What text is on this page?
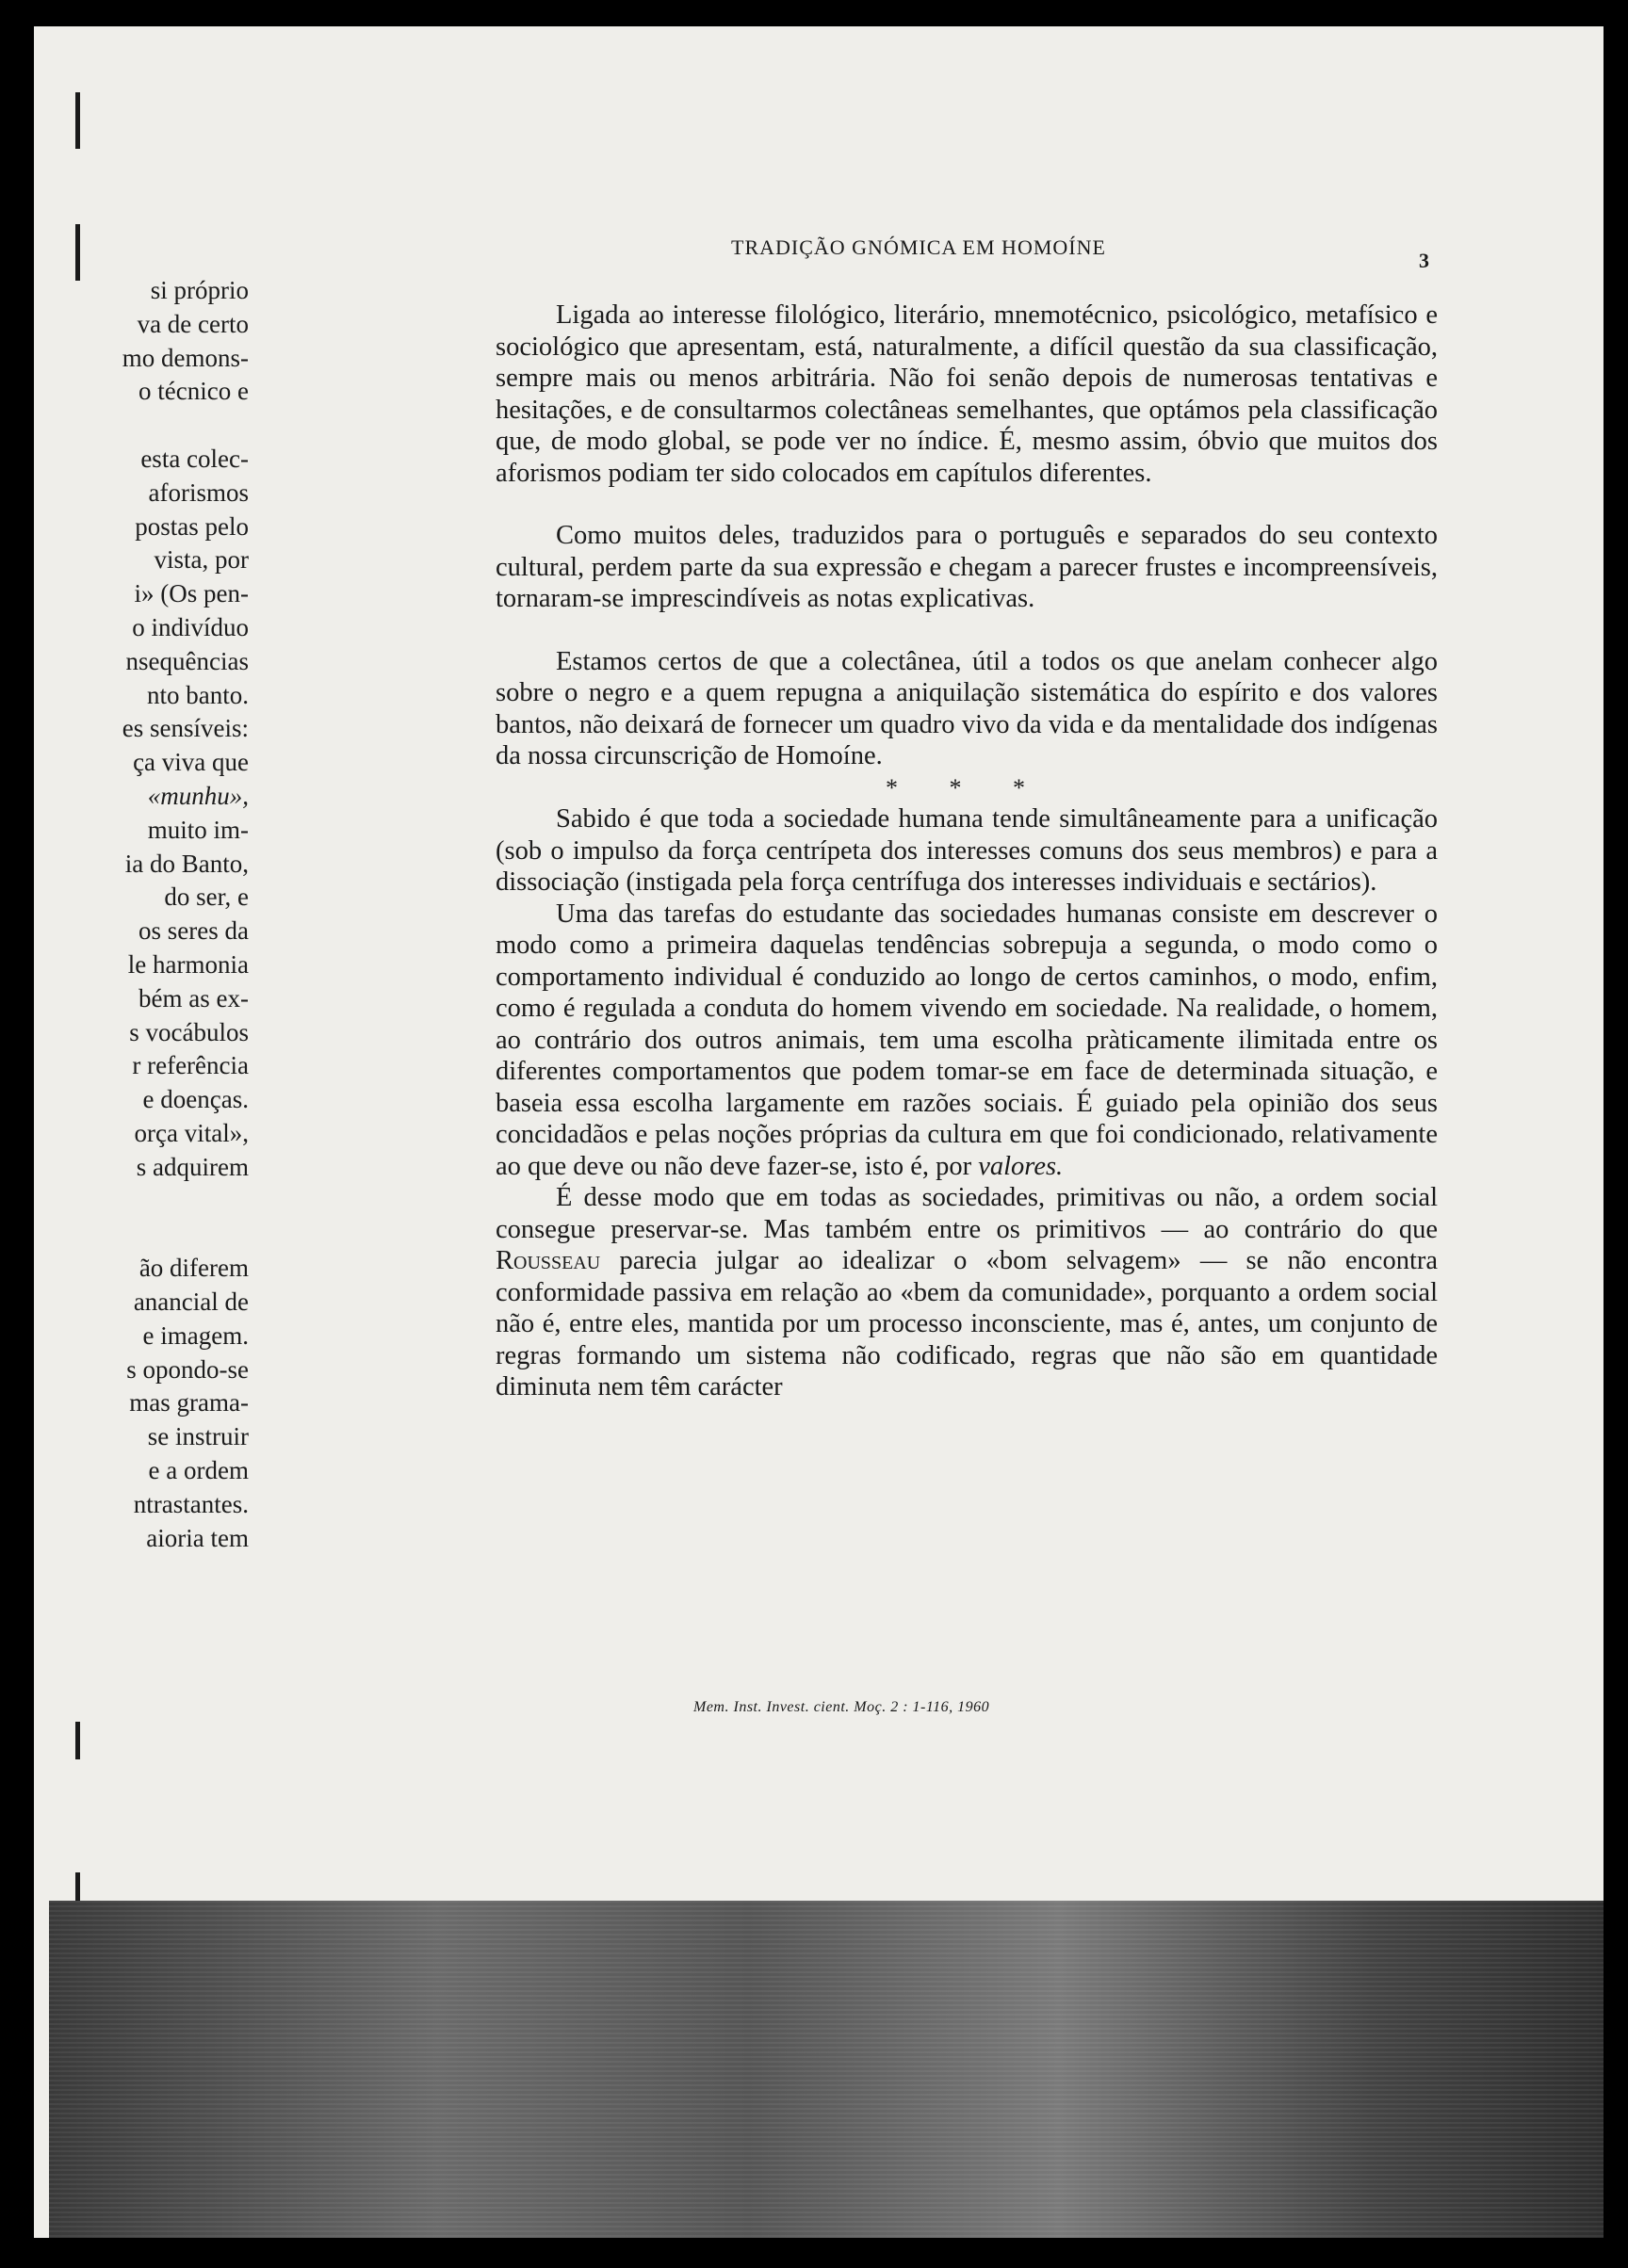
si próprio
va de certo
mo demons-
o técnico e
esta colec-
aforismos
postas pelo
vista, por
i» (Os pen-
o indivíduo
nsequências
nto banto.
es sensíveis:
ça viva que
«munhu»,
muito im-
ia do Banto,
do ser, e
os seres da
le harmonia
bém as ex-
s vocábulos
r referência
e doenças.
orça vital»,
s adquirem
ão diferem
anancial de
e imagem.
s opondo-se
mas grama-
se instruir
e a ordem
ntrastantes.
aioria tem
TRADIÇÃO GNÓMICA EM HOMOÍNE
3

Ligada ao interesse filológico, literário, mnemotécnico, psicológico, metafísico e sociológico que apresentam, está, naturalmente, a difícil questão da sua classificação, sempre mais ou menos arbitrária. Não foi senão depois de numerosas tentativas e hesitações, e de consultarmos colectâneas semelhantes, que optámos pela classificação que, de modo global, se pode ver no índice. É, mesmo assim, óbvio que muitos dos aforismos podiam ter sido colocados em capítulos diferentes.

Como muitos deles, traduzidos para o português e separados do seu contexto cultural, perdem parte da sua expressão e chegam a parecer frustes e incompreensíveis, tornaram-se imprescindíveis as notas explicativas.

Estamos certos de que a colectânea, útil a todos os que anelam conhecer algo sobre o negro e a quem repugna a aniquilação sistemática do espírito e dos valores bantos, não deixará de fornecer um quadro vivo da vida e da mentalidade dos indígenas da nossa circunscrição de Homoíne.

* * *

Sabido é que toda a sociedade humana tende simultâneamente para a unificação (sob o impulso da força centrípeta dos interesses comuns dos seus membros) e para a dissociação (instigada pela força centrífuga dos interesses individuais e sectários).

Uma das tarefas do estudante das sociedades humanas consiste em descrever o modo como a primeira daquelas tendências sobrepuja a segunda, o modo como o comportamento individual é conduzido ao longo de certos caminhos, o modo, enfim, como é regulada a conduta do homem vivendo em sociedade. Na realidade, o homem, ao contrário dos outros animais, tem uma escolha pràticamente ilimitada entre os diferentes comportamentos que podem tomar-se em face de determinada situação, e baseia essa escolha largamente em razões sociais. É guiado pela opinião dos seus concidadãos e pelas noções próprias da cultura em que foi condicionado, relativamente ao que deve ou não deve fazer-se, isto é, por valores.

É desse modo que em todas as sociedades, primitivas ou não, a ordem social consegue preservar-se. Mas também entre os primitivos — ao contrário do que Rousseau parecia julgar ao idealizar o «bom selvagem» — se não encontra conformidade passiva em relação ao «bem da comunidade», porquanto a ordem social não é, entre eles, mantida por um processo inconsciente, mas é, antes, um conjunto de regras formando um sistema não codificado, regras que não são em quantidade diminuta nem têm carácter

Mem. Inst. Invest. cient. Moç. 2 : 1-116, 1960
